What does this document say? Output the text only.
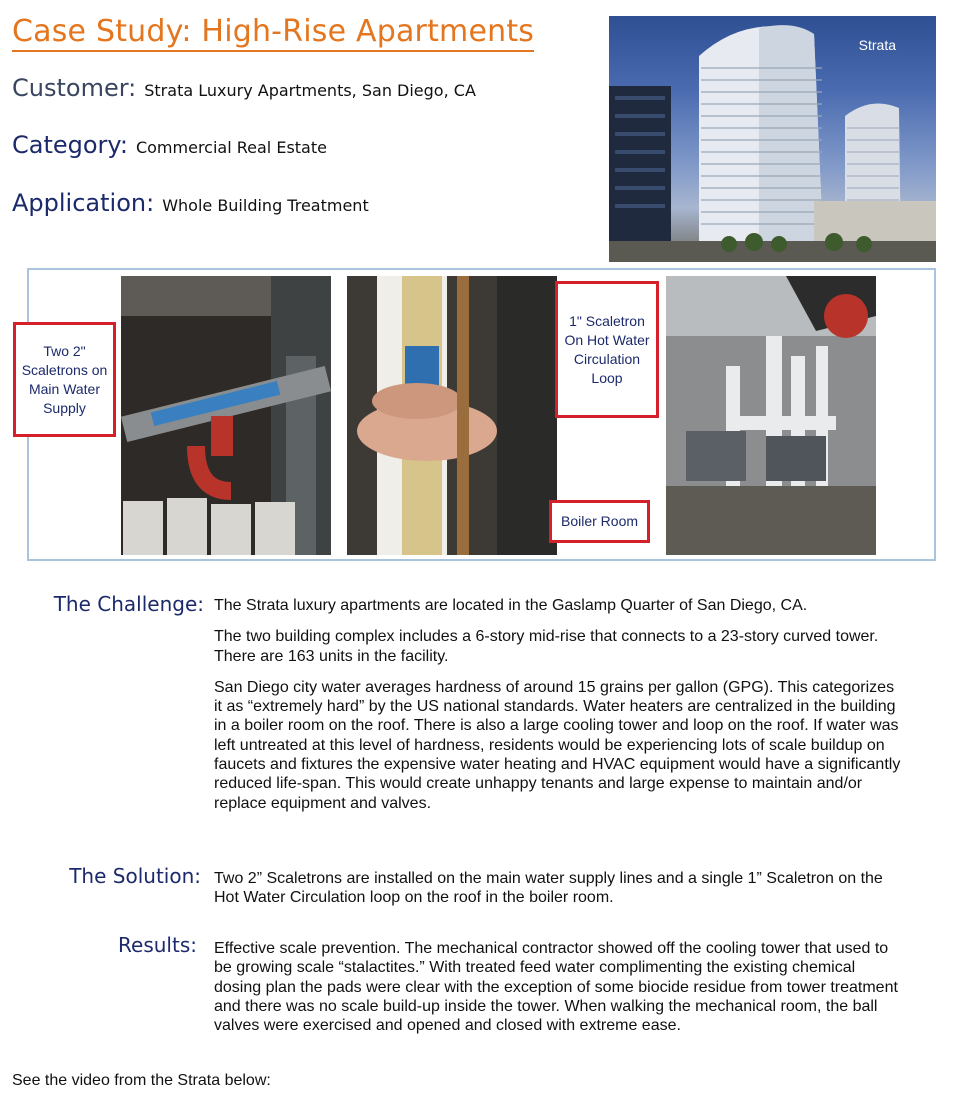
Case Study: High-Rise Apartments
Customer: Strata Luxury Apartments, San Diego, CA
Category: Commercial Real Estate
Application: Whole Building Treatment
Strata
Two 2"
Scaletrons on
Main Water
Supply
1" Scaletron
On Hot Water
Circulation
Loop
Boiler Room
The Challenge: The Strata luxury apartments are located in the Gaslamp Quarter of San Diego, CA.

The two building complex includes a 6-story mid-rise that connects to a 23-story curved tower. There are 163 units in the facility.

San Diego city water averages hardness of around 15 grains per gallon (GPG). This categorizes it as “extremely hard” by the US national standards. Water heaters are centralized in the building in a boiler room on the roof. There is also a large cooling tower and loop on the roof. If water was left untreated at this level of hardness, residents would be experiencing lots of scale buildup on faucets and fixtures the expensive water heating and HVAC equipment would have a significantly reduced life-span. This would create unhappy tenants and large expense to maintain and/or replace equipment and valves.

The Solution: Two 2” Scaletrons are installed on the main water supply lines and a single 1” Scaletron on the Hot Water Circulation loop on the roof in the boiler room.

Results: Effective scale prevention. The mechanical contractor showed off the cooling tower that used to be growing scale “stalactites.” With treated feed water complimenting the existing chemical dosing plan the pads were clear with the exception of some biocide residue from tower treatment and there was no scale build-up inside the tower. When walking the mechanical room, the ball valves were exercised and opened and closed with extreme ease.

See the video from the Strata below:
